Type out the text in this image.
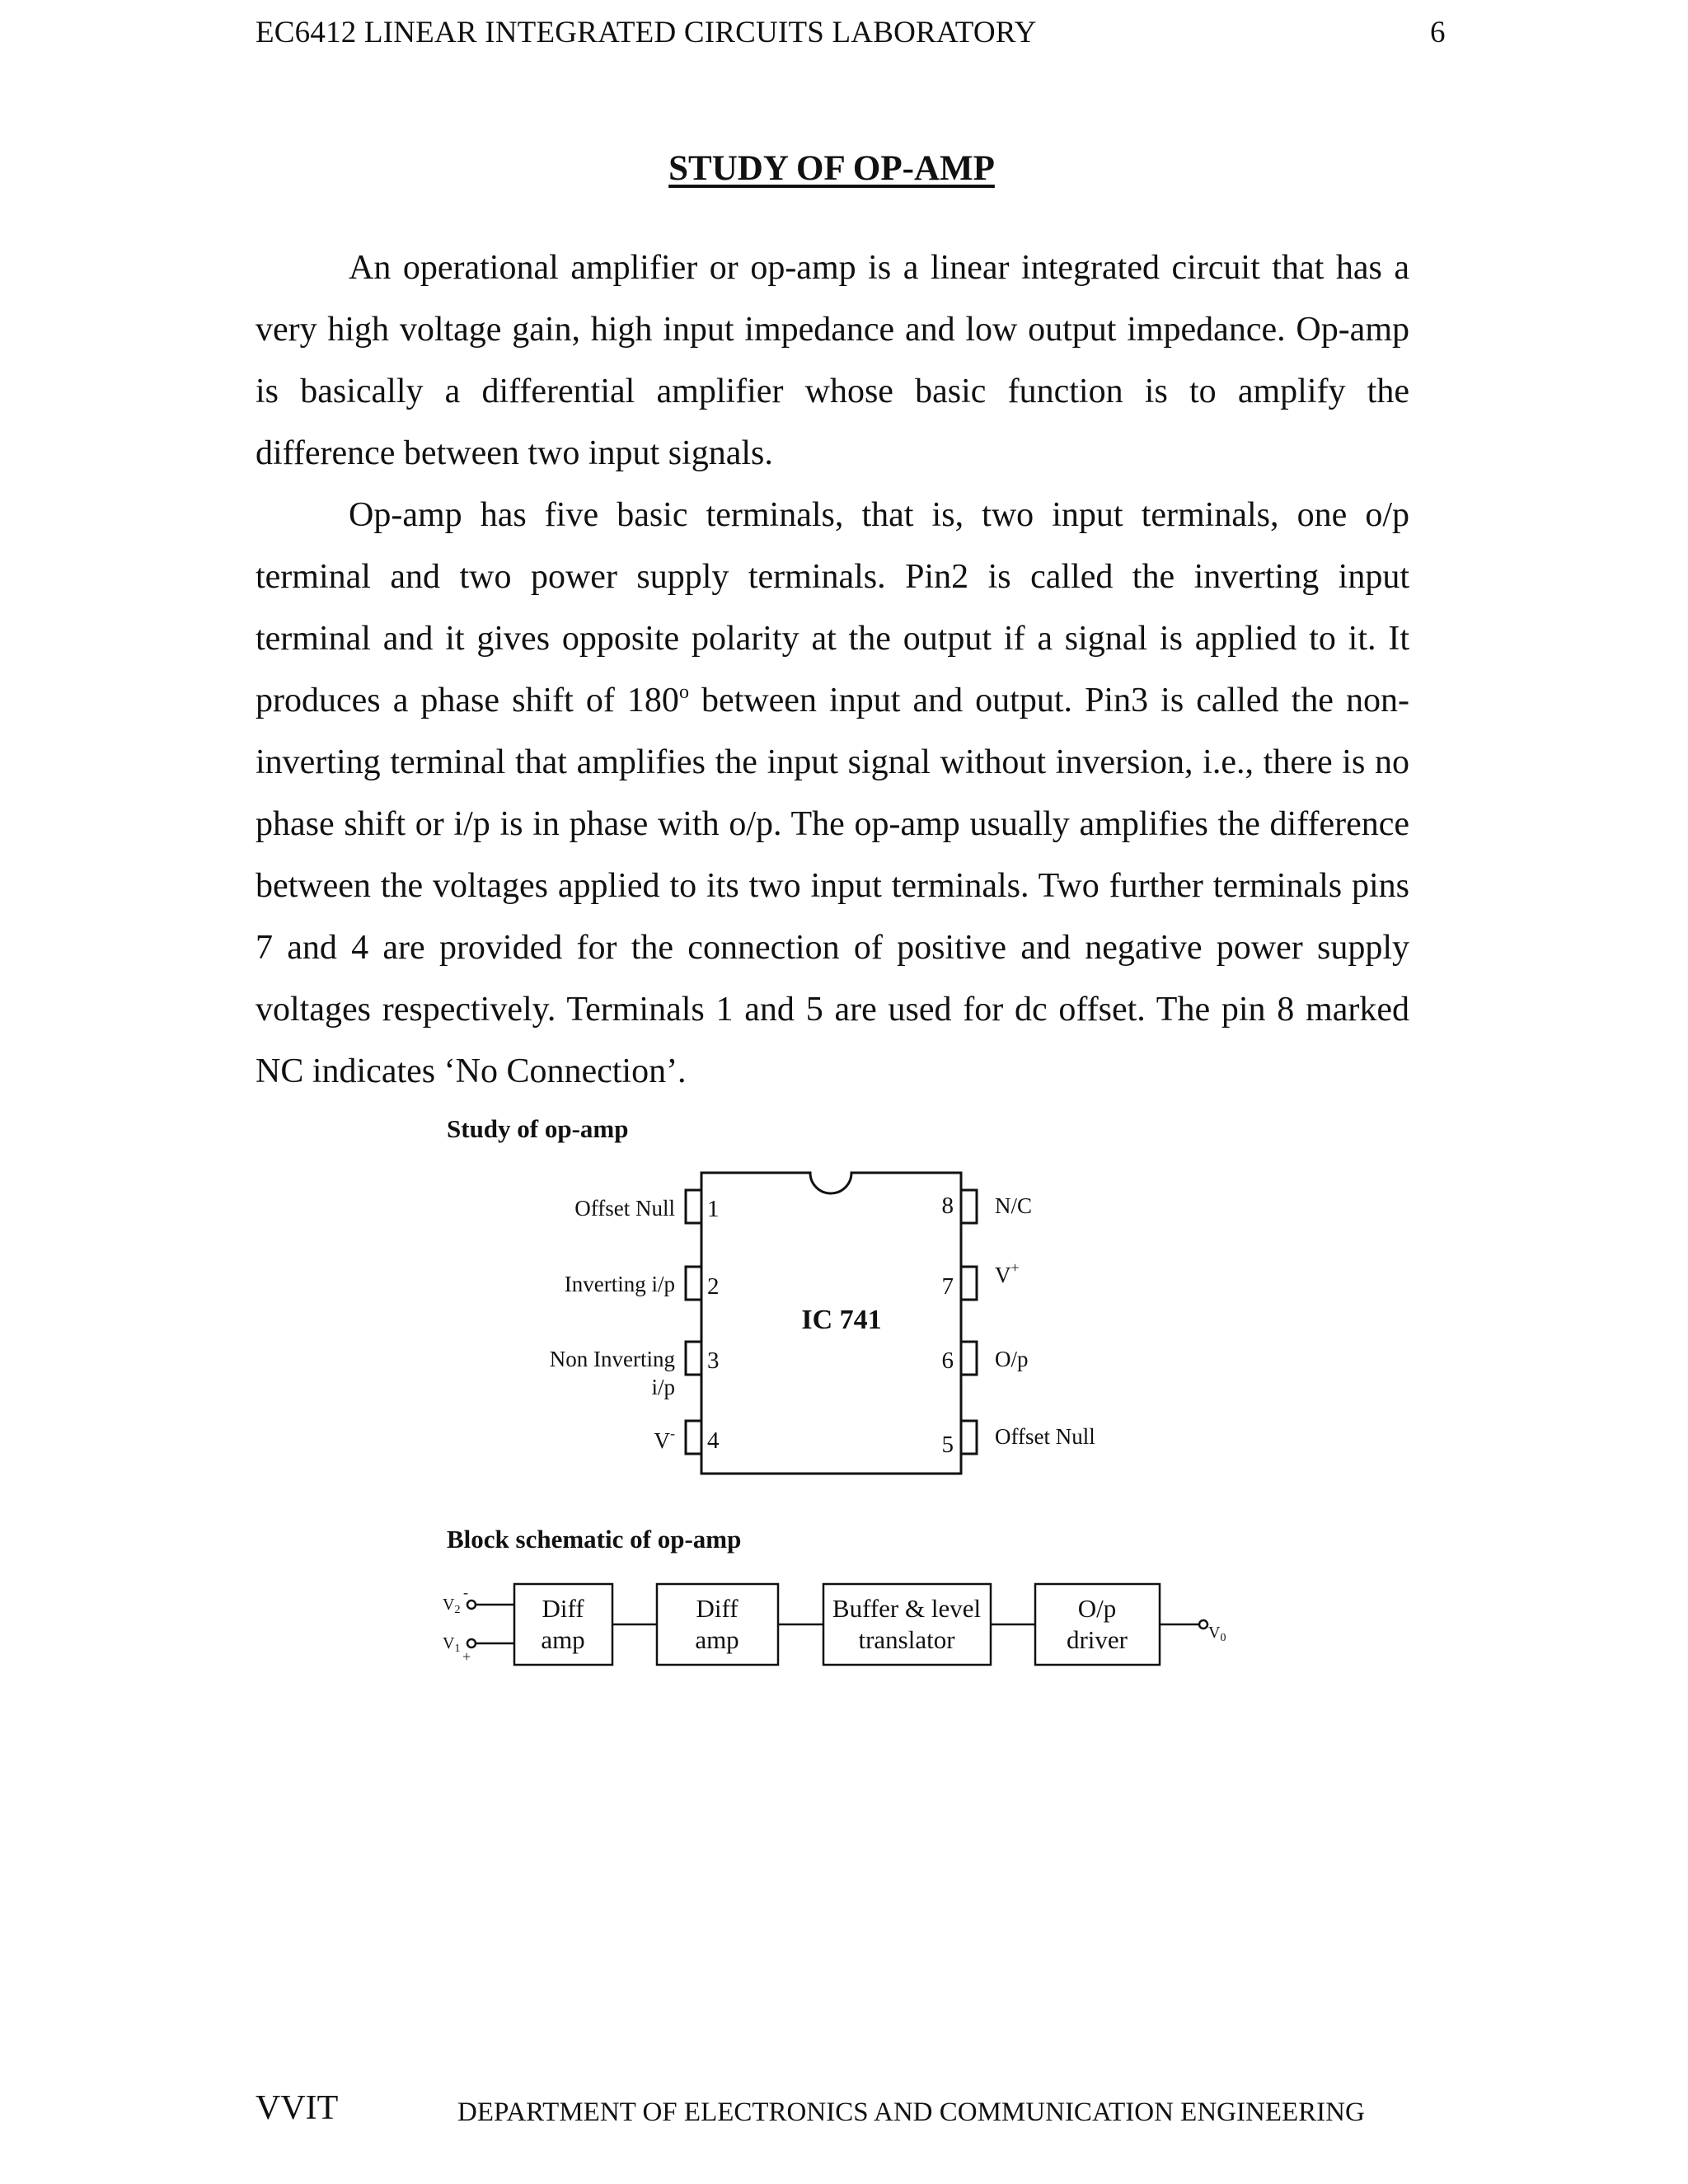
EC6412 LINEAR INTEGRATED CIRCUITS LABORATORY	6
STUDY OF OP-AMP

An operational amplifier or op-amp is a linear integrated circuit that has a very high voltage gain, high input impedance and low output impedance. Op-amp is basically a differential amplifier whose basic function is to amplify the difference between two input signals.

Op-amp has five basic terminals, that is, two input terminals, one o/p terminal and two power supply terminals. Pin2 is called the inverting input terminal and it gives opposite polarity at the output if a signal is applied to it. It produces a phase shift of 180$^o$ between input and output. Pin3 is called the non-inverting terminal that amplifies the input signal without inversion, i.e., there is no phase shift or i/p is in phase with o/p. The op-amp usually amplifies the difference between the voltages applied to its two input terminals. Two further terminals pins 7 and 4 are provided for the connection of positive and negative power supply voltages respectively. Terminals 1 and 5 are used for dc offset. The pin 8 marked NC indicates ‘No Connection’.

Study of op-amp
Block schematic of op-amp
IC 741
1
2
3
4
8
7
6
5
Offset Null
Inverting i/p
Non Inverting
i/p
V-
N/C
V+
O/p
Offset Null
$V_2$
-
$V_1$ +
Diff
amp
Diff
amp
Buffer & level
translator
O/p
driver	$V_0$
VVIT	DEPARTMENT OF ELECTRONICS AND COMMUNICATION ENGINEERING
